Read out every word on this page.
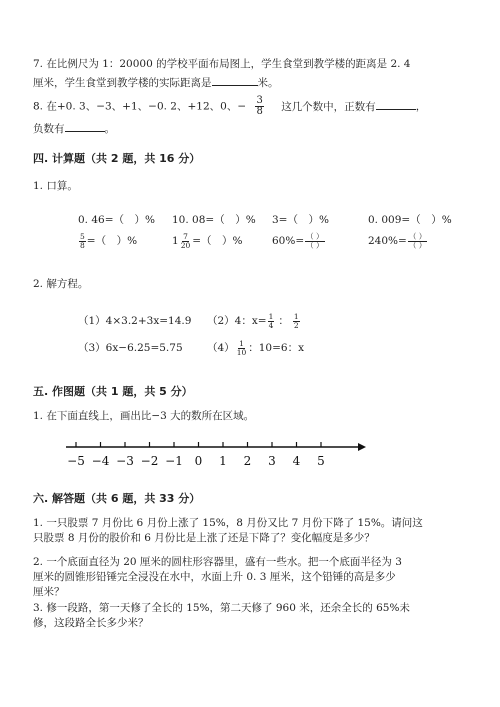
7. 在比例尺为 1：20000 的学校平面布局图上，学生食堂到教学楼的距离是 2. 4
厘米，学生食堂到教学楼的实际距离是	米。
8. 在+0. 3、−3、+1、−0. 2、+12、0、− $\frac{3}{8}$ 这几个数中，正数有	，
负数有	。
四. 计算题（共 2 题，共 16 分）
1. 口算。
0. 46=（　）% 10. 08=（　）% 3=（　）%	0. 009=（　）%
$\frac{5}{8}$ =（　）%	$1 \frac{7}{20}$ =（　）%	$60\%= \frac{( )}{( )}$	$240\%= \frac{( )}{( )}$
2. 解方程。
（1）4×3.2+3x=14.9 （2）4：$x= \frac{1}{4}$ ： $\frac{1}{2}$
（3）6x−6.25=5.75 $(4) \frac{1}{10}$ ：10=6：x
五. 作图题（共 1 题，共 5 分）
1. 在下面直线上，画出比−3 大的数所在区域。
−5 −4 −3 −2 −1 0 1 2 3 4 5
六. 解答题（共 6 题，共 33 分）
1. 一只股票 7 月份比 6 月份上涨了 15%，8 月份又比 7 月份下降了 15%。请问这
只股票 8 月份的股价和 6 月份比是上涨了还是下降了？变化幅度是多少？
2. 一个底面直径为 20 厘米的圆柱形容器里，盛有一些水。把一个底面半径为 3
厘米的圆锥形铅锤完全浸没在水中，水面上升 0. 3 厘米，这个铅锤的高是多少
厘米？
3. 修一段路，第一天修了全长的 15%，第二天修了 960 米，还余全长的 65%未
修，这段路全长多少米？
